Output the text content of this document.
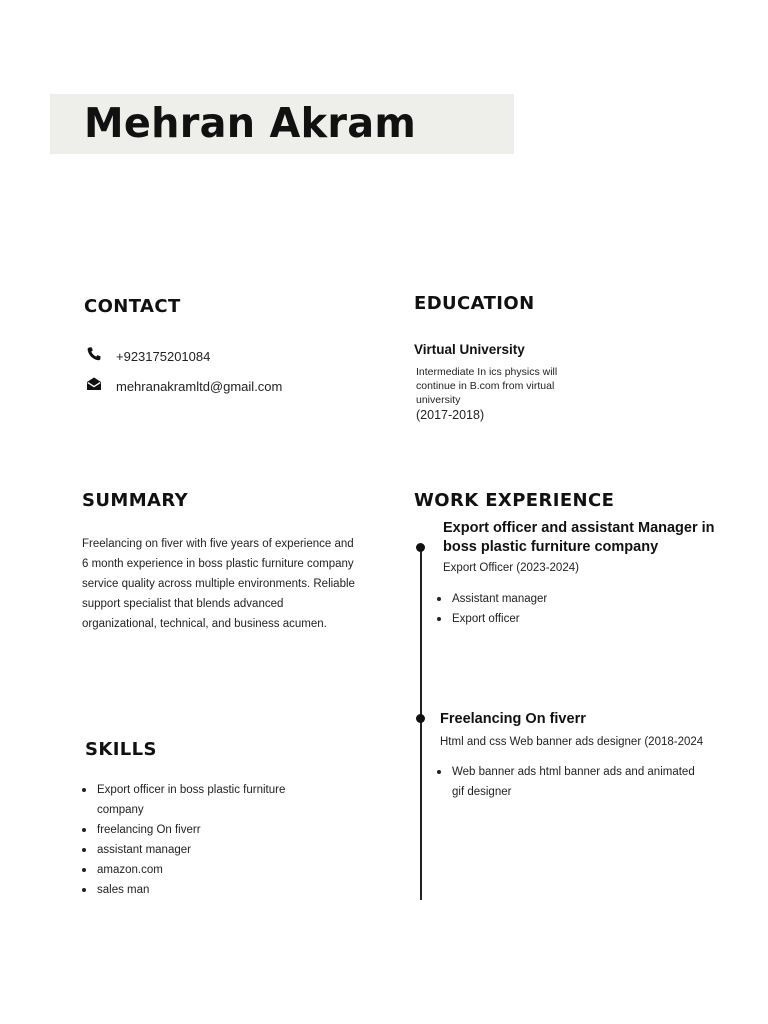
Mehran Akram
CONTACT
+923175201084
mehranakramltd@gmail.com
EDUCATION
Virtual University
Intermediate In ics physics will continue in B.com from virtual university
(2017-2018)
SUMMARY
Freelancing on fiver with five years of experience and 6 month experience in boss plastic furniture company service quality across multiple environments. Reliable support specialist that blends advanced organizational, technical, and business acumen.
SKILLS
Export officer in boss plastic furniture company
freelancing On fiverr
assistant manager
amazon.com
sales man
WORK EXPERIENCE
Export officer and assistant Manager in boss plastic furniture company
Export Officer (2023-2024)
Assistant manager
Export officer
Freelancing On fiverr
Html and css Web banner ads designer (2018-2024
Web banner ads html banner ads and animated gif designer
